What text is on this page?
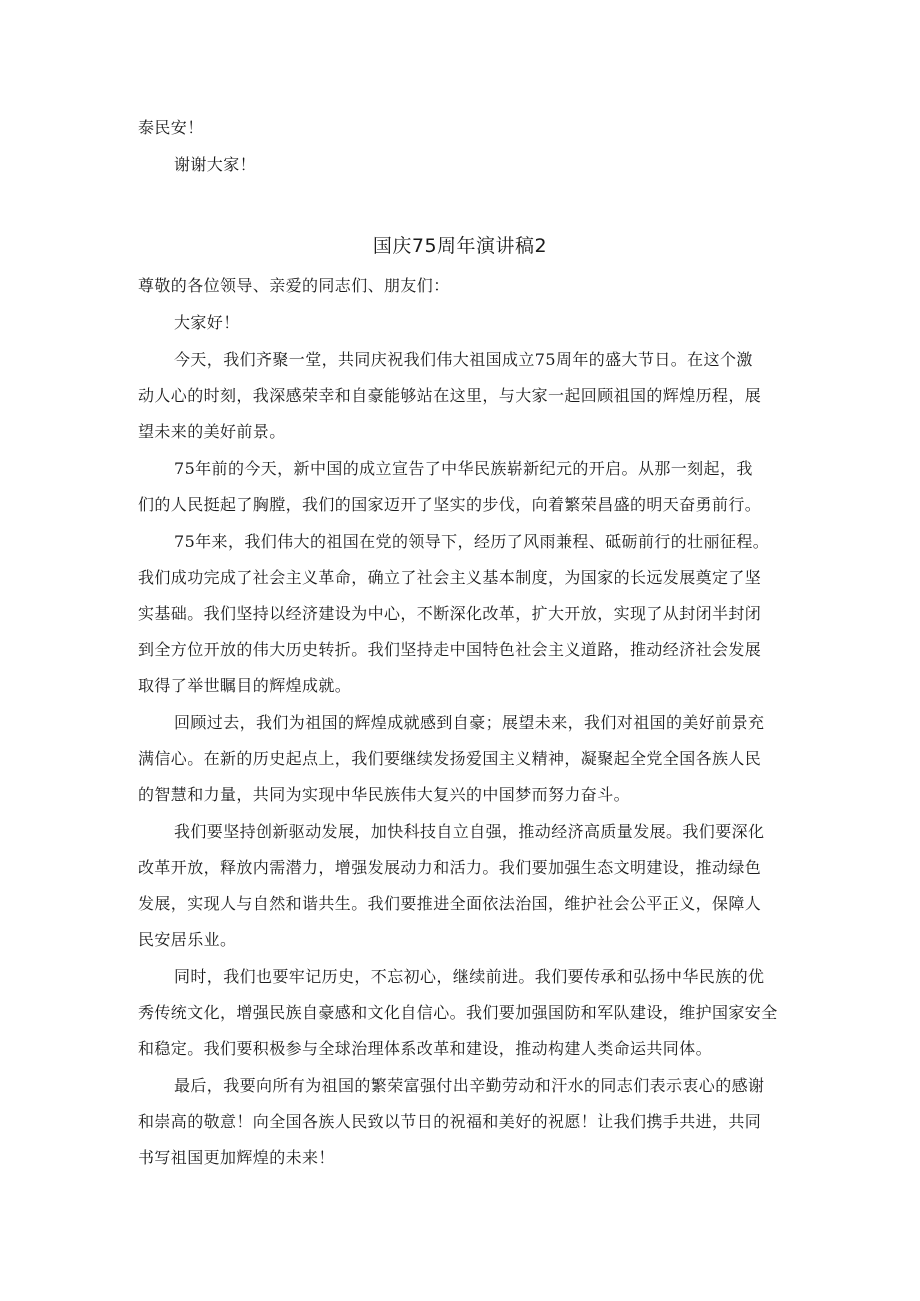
泰民安！

谢谢大家！

国庆75周年演讲稿2

尊敬的各位领导、亲爱的同志们、朋友们：

大家好！

今天，我们齐聚一堂，共同庆祝我们伟大祖国成立75周年的盛大节日。在这个激

动人心的时刻，我深感荣幸和自豪能够站在这里，与大家一起回顾祖国的辉煌历程，展

望未来的美好前景。

75年前的今天，新中国的成立宣告了中华民族崭新纪元的开启。从那一刻起，我

们的人民挺起了胸膛，我们的国家迈开了坚实的步伐，向着繁荣昌盛的明天奋勇前行。

75年来，我们伟大的祖国在党的领导下，经历了风雨兼程、砥砺前行的壮丽征程。

我们成功完成了社会主义革命，确立了社会主义基本制度，为国家的长远发展奠定了坚

实基础。我们坚持以经济建设为中心，不断深化改革，扩大开放，实现了从封闭半封闭

到全方位开放的伟大历史转折。我们坚持走中国特色社会主义道路，推动经济社会发展

取得了举世瞩目的辉煌成就。

回顾过去，我们为祖国的辉煌成就感到自豪；展望未来，我们对祖国的美好前景充

满信心。在新的历史起点上，我们要继续发扬爱国主义精神，凝聚起全党全国各族人民

的智慧和力量，共同为实现中华民族伟大复兴的中国梦而努力奋斗。

我们要坚持创新驱动发展，加快科技自立自强，推动经济高质量发展。我们要深化

改革开放，释放内需潜力，增强发展动力和活力。我们要加强生态文明建设，推动绿色

发展，实现人与自然和谐共生。我们要推进全面依法治国，维护社会公平正义，保障人

民安居乐业。

同时，我们也要牢记历史，不忘初心，继续前进。我们要传承和弘扬中华民族的优

秀传统文化，增强民族自豪感和文化自信心。我们要加强国防和军队建设，维护国家安全

和稳定。我们要积极参与全球治理体系改革和建设，推动构建人类命运共同体。

最后，我要向所有为祖国的繁荣富强付出辛勤劳动和汗水的同志们表示衷心的感谢

和崇高的敬意！向全国各族人民致以节日的祝福和美好的祝愿！让我们携手共进，共同

书写祖国更加辉煌的未来！
